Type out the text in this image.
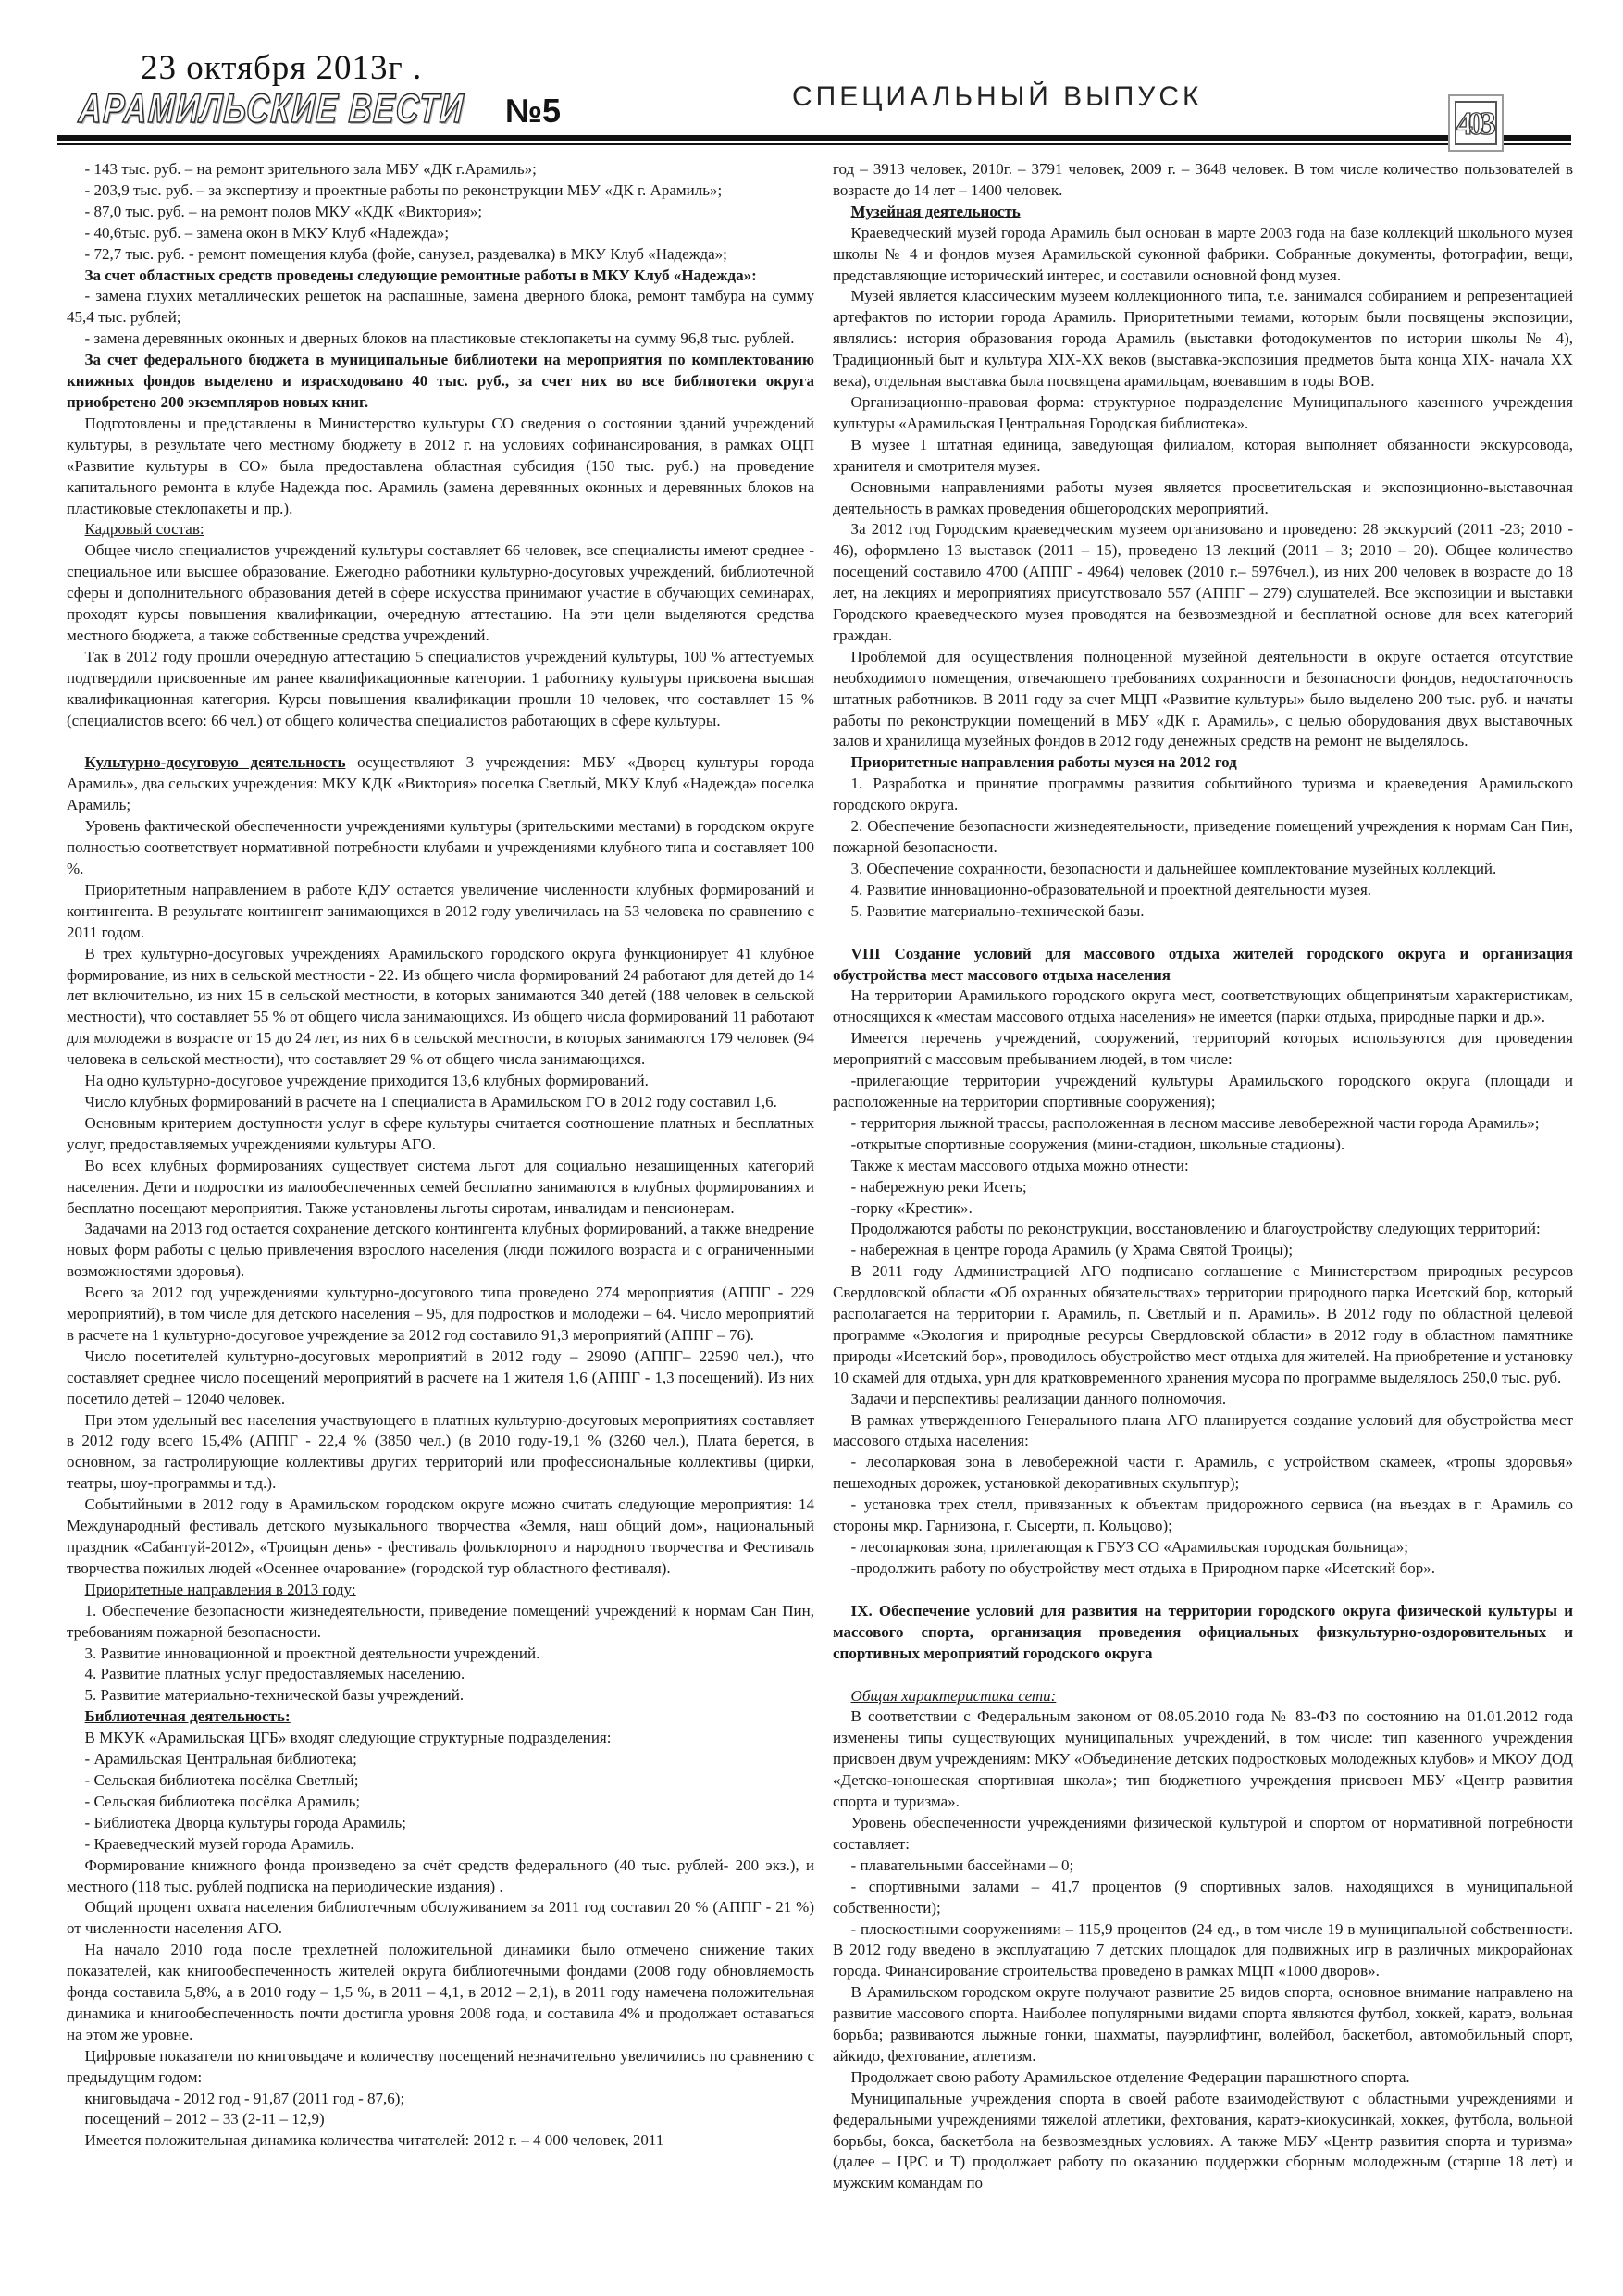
23 октября 2013г .
АРАМИЛЬСКИЕ ВЕСТИ №5	СПЕЦИАЛЬНЫЙ ВЫПУСК
403

- 143 тыс. руб. – на ремонт зрительного зала МБУ «ДК г.Арамиль»;

- 203,9 тыс. руб. – за экспертизу и проектные работы по реконструкции МБУ «ДК г. Арамиль»;

- 87,0 тыс. руб. – на ремонт полов МКУ «КДК «Виктория»;

- 40,6тыс. руб. – замена окон в МКУ Клуб «Надежда»;

- 72,7 тыс. руб. - ремонт помещения клуба (фойе, санузел, раздевалка) в МКУ Клуб «Надежда»;

За счет областных средств проведены следующие ремонтные работы в МКУ Клуб «Надежда»:

- замена глухих металлических решеток на распашные, замена дверного блока, ремонт тамбура на сумму 45,4 тыс. рублей;

- замена деревянных оконных и дверных блоков на пластиковые стеклопакеты на сумму 96,8 тыс. рублей.

За счет федерального бюджета в муниципальные библиотеки на мероприятия по комплектованию книжных фондов выделено и израсходовано 40 тыс. руб., за счет них во все библиотеки округа приобретено 200 экземпляров новых книг.

Подготовлены и представлены в Министерство культуры СО сведения о состоянии зданий учреждений культуры, в результате чего местному бюджету в 2012 г. на условиях софинансирования, в рамках ОЦП «Развитие культуры в СО» была предоставлена областная субсидия (150 тыс. руб.) на проведение капитального ремонта в клубе Надежда пос. Арамиль (замена деревянных оконных и деревянных блоков на пластиковые стеклопакеты и пр.).

Кадровый состав:

Общее число специалистов учреждений культуры составляет 66 человек, все специалисты имеют среднее - специальное или высшее образование. Ежегодно работники культурно-досуговых учреждений, библиотечной сферы и дополнительного образования детей в сфере искусства принимают участие в обучающих семинарах, проходят курсы повышения квалификации, очередную аттестацию. На эти цели выделяются средства местного бюджета, а также собственные средства учреждений.

Так в 2012 году прошли очередную аттестацию 5 специалистов учреждений культуры, 100 % аттестуемых подтвердили присвоенные им ранее квалификационные категории. 1 работнику культуры присвоена высшая квалификационная категория. Курсы повышения квалификации прошли 10 человек, что составляет 15 % (специалистов всего: 66 чел.) от общего количества специалистов работающих в сфере культуры.

Культурно-досуговую деятельность осуществляют 3 учреждения: МБУ «Дворец культуры города Арамиль», два сельских учреждения: МКУ КДК «Виктория» поселка Светлый, МКУ Клуб «Надежда» поселка Арамиль;

Уровень фактической обеспеченности учреждениями культуры (зрительскими местами) в городском округе полностью соответствует нормативной потребности клубами и учреждениями клубного типа и составляет 100 %.

Приоритетным направлением в работе КДУ остается увеличение численности клубных формирований и контингента. В результате контингент занимающихся в 2012 году увеличилась на 53 человека по сравнению с 2011 годом.

В трех культурно-досуговых учреждениях Арамильского городского округа функционирует 41 клубное формирование, из них в сельской местности - 22. Из общего числа формирований 24 работают для детей до 14 лет включительно, из них 15 в сельской местности, в которых занимаются 340 детей (188 человек в сельской местности), что составляет 55 % от общего числа занимающихся. Из общего числа формирований 11 работают для молодежи в возрасте от 15 до 24 лет, из них 6 в сельской местности, в которых занимаются 179 человек (94 человека в сельской местности), что составляет 29 % от общего числа занимающихся.

На одно культурно-досуговое учреждение приходится 13,6 клубных формирований.

Число клубных формирований в расчете на 1 специалиста в Арамильском ГО в 2012 году составил 1,6.

Основным критерием доступности услуг в сфере культуры считается соотношение платных и бесплатных услуг, предоставляемых учреждениями культуры АГО.

Во всех клубных формированиях существует система льгот для социально незащищенных категорий населения. Дети и подростки из малообеспеченных семей бесплатно занимаются в клубных формированиях и бесплатно посещают мероприятия. Также установлены льготы сиротам, инвалидам и пенсионерам.

Задачами на 2013 год остается сохранение детского контингента клубных формирований, а также внедрение новых форм работы с целью привлечения взрослого населения (люди пожилого возраста и с ограниченными возможностями здоровья).

Всего за 2012 год учреждениями культурно-досугового типа проведено 274 мероприятия (АППГ - 229 мероприятий), в том числе для детского населения – 95, для подростков и молодежи – 64. Число мероприятий в расчете на 1 культурно-досуговое учреждение за 2012 год составило 91,3 мероприятий (АППГ – 76).

Число посетителей культурно-досуговых мероприятий в 2012 году – 29090 (АППГ– 22590 чел.), что составляет среднее число посещений мероприятий в расчете на 1 жителя 1,6 (АППГ - 1,3 посещений). Из них посетило детей – 12040 человек.

При этом удельный вес населения участвующего в платных культурно-досуговых мероприятиях составляет в 2012 году всего 15,4% (АППГ - 22,4 % (3850 чел.) (в 2010 году-19,1 % (3260 чел.), Плата берется, в основном, за гастролирующие коллективы других территорий или профессиональные коллективы (цирки, театры, шоу-программы и т.д.).

Событийными в 2012 году в Арамильском городском округе можно считать следующие мероприятия: 14 Международный фестиваль детского музыкального творчества «Земля, наш общий дом», национальный праздник «Сабантуй-2012», «Троицын день» - фестиваль фольклорного и народного творчества и Фестиваль творчества пожилых людей «Осеннее очарование» (городской тур областного фестиваля).

Приоритетные направления в 2013 году:

1. Обеспечение безопасности жизнедеятельности, приведение помещений учреждений к нормам Сан Пин, требованиям пожарной безопасности.

3. Развитие инновационной и проектной деятельности учреждений.

4. Развитие платных услуг предоставляемых населению.

5. Развитие материально-технической базы учреждений.

Библиотечная деятельность:

В МКУК «Арамильская ЦГБ» входят следующие структурные подразделения:

- Арамильская Центральная библиотека;

- Сельская библиотека посёлка Светлый;

- Сельская библиотека посёлка Арамиль;

- Библиотека Дворца культуры города Арамиль;

- Краеведческий музей города Арамиль.

Формирование книжного фонда произведено за счёт средств федерального (40 тыс. рублей- 200 экз.), и местного (118 тыс. рублей подписка на периодические издания) .

Общий процент охвата населения библиотечным обслуживанием за 2011 год составил 20 % (АППГ - 21 %) от численности населения АГО.

На начало 2010 года после трехлетней положительной динамики было отмечено снижение таких показателей, как книгообеспеченность жителей округа библиотечными фондами (2008 году обновляемость фонда составила 5,8%, а в 2010 году – 1,5 %, в 2011 – 4,1, в 2012 – 2,1), в 2011 году намечена положительная динамика и книгообеспеченность почти достигла уровня 2008 года, и составила 4% и продолжает оставаться на этом же уровне.

Цифровые показатели по книговыдаче и количеству посещений незначительно увеличились по сравнению с предыдущим годом:

книговыдача - 2012 год - 91,87 (2011 год - 87,6);

посещений – 2012 – 33 (2-11 – 12,9)

Имеется положительная динамика количества читателей: 2012 г. – 4 000 человек, 2011

год – 3913 человек, 2010г. – 3791 человек, 2009 г. – 3648 человек. В том числе количество пользователей в возрасте до 14 лет – 1400 человек.

Музейная деятельность

Краеведческий музей города Арамиль был основан в марте 2003 года на базе коллекций школьного музея школы № 4 и фондов музея Арамильской суконной фабрики. Собранные документы, фотографии, вещи, представляющие исторический интерес, и составили основной фонд музея.

Музей является классическим музеем коллекционного типа, т.е. занимался собиранием и репрезентацией артефактов по истории города Арамиль. Приоритетными темами, которым были посвящены экспозиции, являлись: история образования города Арамиль (выставки фотодокументов по истории школы № 4), Традиционный быт и культура XIX-XX веков (выставка-экспозиция предметов быта конца XIX- начала XX века), отдельная выставка была посвящена арамильцам, воевавшим в годы ВОВ.

Организационно-правовая форма: структурное подразделение Муниципального казенного учреждения культуры «Арамильская Центральная Городская библиотека».

В музее 1 штатная единица, заведующая филиалом, которая выполняет обязанности экскурсовода, хранителя и смотрителя музея.

Основными направлениями работы музея является просветительская и экспозиционно-выставочная деятельность в рамках проведения общегородских мероприятий.

За 2012 год Городским краеведческим музеем организовано и проведено: 28 экскурсий (2011 -23; 2010 - 46), оформлено 13 выставок (2011 – 15), проведено 13 лекций (2011 – 3; 2010 – 20). Общее количество посещений составило 4700 (АППГ - 4964) человек (2010 г.– 5976чел.), из них 200 человек в возрасте до 18 лет, на лекциях и мероприятиях присутствовало 557 (АППГ – 279) слушателей. Все экспозиции и выставки Городского краеведческого музея проводятся на безвозмездной и бесплатной основе для всех категорий граждан.

Проблемой для осуществления полноценной музейной деятельности в округе остается отсутствие необходимого помещения, отвечающего требованиях сохранности и безопасности фондов, недостаточность штатных работников. В 2011 году за счет МЦП «Развитие культуры» было выделено 200 тыс. руб. и начаты работы по реконструкции помещений в МБУ «ДК г. Арамиль», с целью оборудования двух выставочных залов и хранилища музейных фондов в 2012 году денежных средств на ремонт не выделялось.

Приоритетные направления работы музея на 2012 год

1. Разработка и принятие программы развития событийного туризма и краеведения Арамильского городского округа.

2. Обеспечение безопасности жизнедеятельности, приведение помещений учреждения к нормам Сан Пин, пожарной безопасности.

3. Обеспечение сохранности, безопасности и дальнейшее комплектование музейных коллекций.

4. Развитие инновационно-образовательной и проектной деятельности музея.

5. Развитие материально-технической базы.

VIII Создание условий для массового отдыха жителей городского округа и организация обустройства мест массового отдыха населения

На территории Арамилького городского округа мест, соответствующих общепринятым характеристикам, относящихся к «местам массового отдыха населения» не имеется (парки отдыха, природные парки и др.».

Имеется перечень учреждений, сооружений, территорий которых используются для проведения мероприятий с массовым пребыванием людей, в том числе:

-прилегающие территории учреждений культуры Арамильского городского округа (площади и расположенные на территории спортивные сооружения);

- территория лыжной трассы, расположенная в лесном массиве левобережной части города Арамиль»;

-открытые спортивные сооружения (мини-стадион, школьные стадионы).

Также к местам массового отдыха можно отнести:

- набережную реки Исеть;

-горку «Крестик».

Продолжаются работы по реконструкции, восстановлению и благоустройству следующих территорий:

- набережная в центре города Арамиль (у Храма Святой Троицы);

В 2011 году Администрацией АГО подписано соглашение с Министерством природных ресурсов Свердловской области «Об охранных обязательствах» территории природного парка Исетский бор, который располагается на территории г. Арамиль, п. Светлый и п. Арамиль». В 2012 году по областной целевой программе «Экология и природные ресурсы Свердловской области» в 2012 году в областном памятнике природы «Исетский бор», проводилось обустройство мест отдыха для жителей. На приобретение и установку 10 скамей для отдыха, урн для кратковременного хранения мусора по программе выделялось 250,0 тыс. руб.

Задачи и перспективы реализации данного полномочия.

В рамках утвержденного Генерального плана АГО планируется создание условий для обустройства мест массового отдыха населения:

- лесопарковая зона в левобережной части г. Арамиль, с устройством скамеек, «тропы здоровья» пешеходных дорожек, установкой декоративных скульптур);

- установка трех стелл, привязанных к объектам придорожного сервиса (на въездах в г. Арамиль со стороны мкр. Гарнизона, г. Сысерти, п. Кольцово);

- лесопарковая зона, прилегающая к ГБУЗ СО «Арамильская городская больница»;

-продолжить работу по обустройству мест отдыха в Природном парке «Исетский бор».

IX. Обеспечение условий для развития на территории городского округа физической культуры и массового спорта, организация проведения официальных физкультурно-оздоровительных и спортивных мероприятий городского округа

Общая характеристика сети:

В соответствии с Федеральным законом от 08.05.2010 года № 83-ФЗ по состоянию на 01.01.2012 года изменены типы существующих муниципальных учреждений, в том числе: тип казенного учреждения присвоен двум учреждениям: МКУ «Объединение детских подростковых молодежных клубов» и МКОУ ДОД «Детско-юношеская спортивная школа»; тип бюджетного учреждения присвоен МБУ «Центр развития спорта и туризма».

Уровень обеспеченности учреждениями физической культурой и спортом от нормативной потребности составляет:

- плавательными бассейнами – 0;

- спортивными залами – 41,7 процентов (9 спортивных залов, находящихся в муниципальной собственности);

- плоскостными сооружениями – 115,9 процентов (24 ед., в том числе 19 в муниципальной собственности. В 2012 году введено в эксплуатацию 7 детских площадок для подвижных игр в различных микрорайонах города. Финансирование строительства проведено в рамках МЦП «1000 дворов».

В Арамильском городском округе получают развитие 25 видов спорта, основное внимание направлено на развитие массового спорта. Наиболее популярными видами спорта являются футбол, хоккей, каратэ, вольная борьба; развиваются лыжные гонки, шахматы, пауэрлифтинг, волейбол, баскетбол, автомобильный спорт, айкидо, фехтование, атлетизм.

Продолжает свою работу Арамильское отделение Федерации парашютного спорта.

Муниципальные учреждения спорта в своей работе взаимодействуют с областными учреждениями и федеральными учреждениями тяжелой атлетики, фехтования, каратэ-киокусинкай, хоккея, футбола, вольной борьбы, бокса, баскетбола на безвозмездных условиях. А также МБУ «Центр развития спорта и туризма» (далее – ЦРС и Т) продолжает работу по оказанию поддержки сборным молодежным (старше 18 лет) и мужским командам по
